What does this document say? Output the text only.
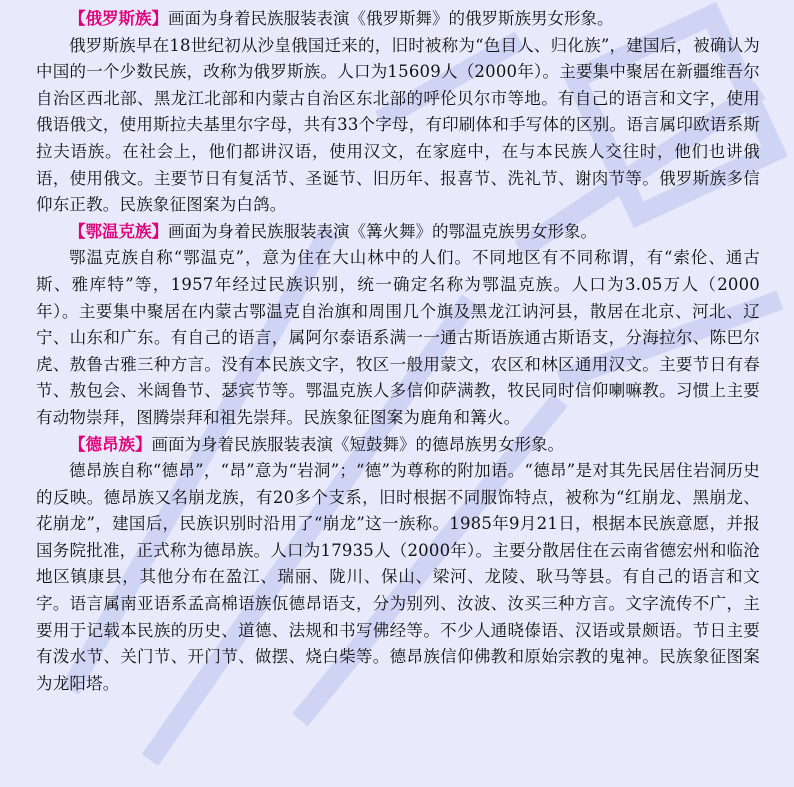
【俄罗斯族】画面为身着民族服装表演《俄罗斯舞》的俄罗斯族男女形象。

俄罗斯族早在18世纪初从沙皇俄国迁来的，旧时被称为“色目人、归化族”，建国后，被确认为中国的一个少数民族，改称为俄罗斯族。人口为15609人（2000年）。主要集中聚居在新疆维吾尔自治区西北部、黑龙江北部和内蒙古自治区东北部的呼伦贝尔市等地。有自己的语言和文字，使用俄语俄文，使用斯拉夫基里尔字母，共有33个字母，有印刷体和手写体的区别。语言属印欧语系斯拉夫语族。在社会上，他们都讲汉语，使用汉文，在家庭中，在与本民族人交往时，他们也讲俄语，使用俄文。主要节日有复活节、圣诞节、旧历年、报喜节、洗礼节、谢肉节等。俄罗斯族多信仰东正教。民族象征图案为白鸽。

【鄂温克族】画面为身着民族服装表演《篝火舞》的鄂温克族男女形象。

鄂温克族自称“鄂温克”，意为住在大山林中的人们。不同地区有不同称谓，有“索伦、通古斯、雅库特”等，1957年经过民族识别，统一确定名称为鄂温克族。人口为3.05万人（2000年）。主要集中聚居在内蒙古鄂温克自治旗和周围几个旗及黑龙江讷河县，散居在北京、河北、辽宁、山东和广东。有自己的语言，属阿尔泰语系满一一通古斯语族通古斯语支，分海拉尔、陈巴尔虎、敖鲁古雅三种方言。没有本民族文字，牧区一般用蒙文，农区和林区通用汉文。主要节日有春节、敖包会、米阔鲁节、瑟宾节等。鄂温克族人多信仰萨满教，牧民同时信仰喇嘛教。习惯上主要有动物崇拜，图腾崇拜和祖先崇拜。民族象征图案为鹿角和篝火。

【德昂族】画面为身着民族服装表演《短鼓舞》的德昂族男女形象。

德昂族自称“德昂”，“昂”意为“岩洞”；“德”为尊称的附加语。“德昂”是对其先民居住岩洞历史的反映。德昂族又名崩龙族，有20多个支系，旧时根据不同服饰特点，被称为“红崩龙、黑崩龙、花崩龙”，建国后，民族识别时沿用了“崩龙”这一族称。1985年9月21日，根据本民族意愿，并报国务院批准，正式称为德昂族。人口为17935人（2000年）。主要分散居住在云南省德宏州和临沧地区镇康县，其他分布在盈江、瑞丽、陇川、保山、梁河、龙陵、耿马等县。有自己的语言和文字。语言属南亚语系孟高棉语族佤德昂语支，分为别列、汝波、汝买三种方言。文字流传不广，主要用于记载本民族的历史、道德、法规和书写佛经等。不少人通晓傣语、汉语或景颇语。节日主要有泼水节、关门节、开门节、做摆、烧白柴等。德昂族信仰佛教和原始宗教的鬼神。民族象征图案为龙阳塔。
